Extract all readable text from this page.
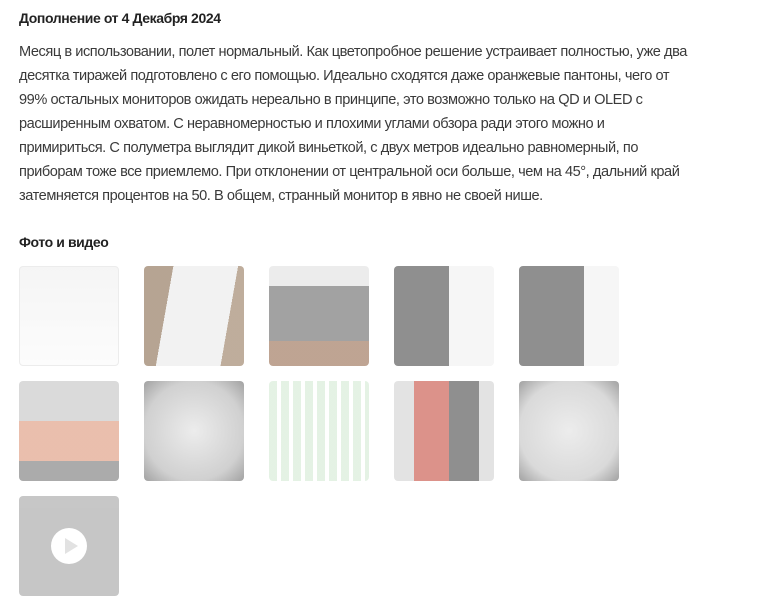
Дополнение от 4 Декабря 2024
Месяц в использовании, полет нормальный. Как цветопробное решение устраивает полностью, уже два
десятка тиражей подготовлено с его помощью. Идеально сходятся даже оранжевые пантоны, чего от
99% остальных мониторов ожидать нереально в принципе, это возможно только на QD и OLED с
расширенным охватом. С неравномерностью и плохими углами обзора ради этого можно и
примириться. С полуметра выглядит дикой виньеткой, с двух метров идеально равномерный, по
приборам тоже все приемлемо. При отклонении от центральной оси больше, чем на 45°, дальний край
затемняется процентов на 50. В общем, странный монитор в явно не своей нише.
Фото и видео
